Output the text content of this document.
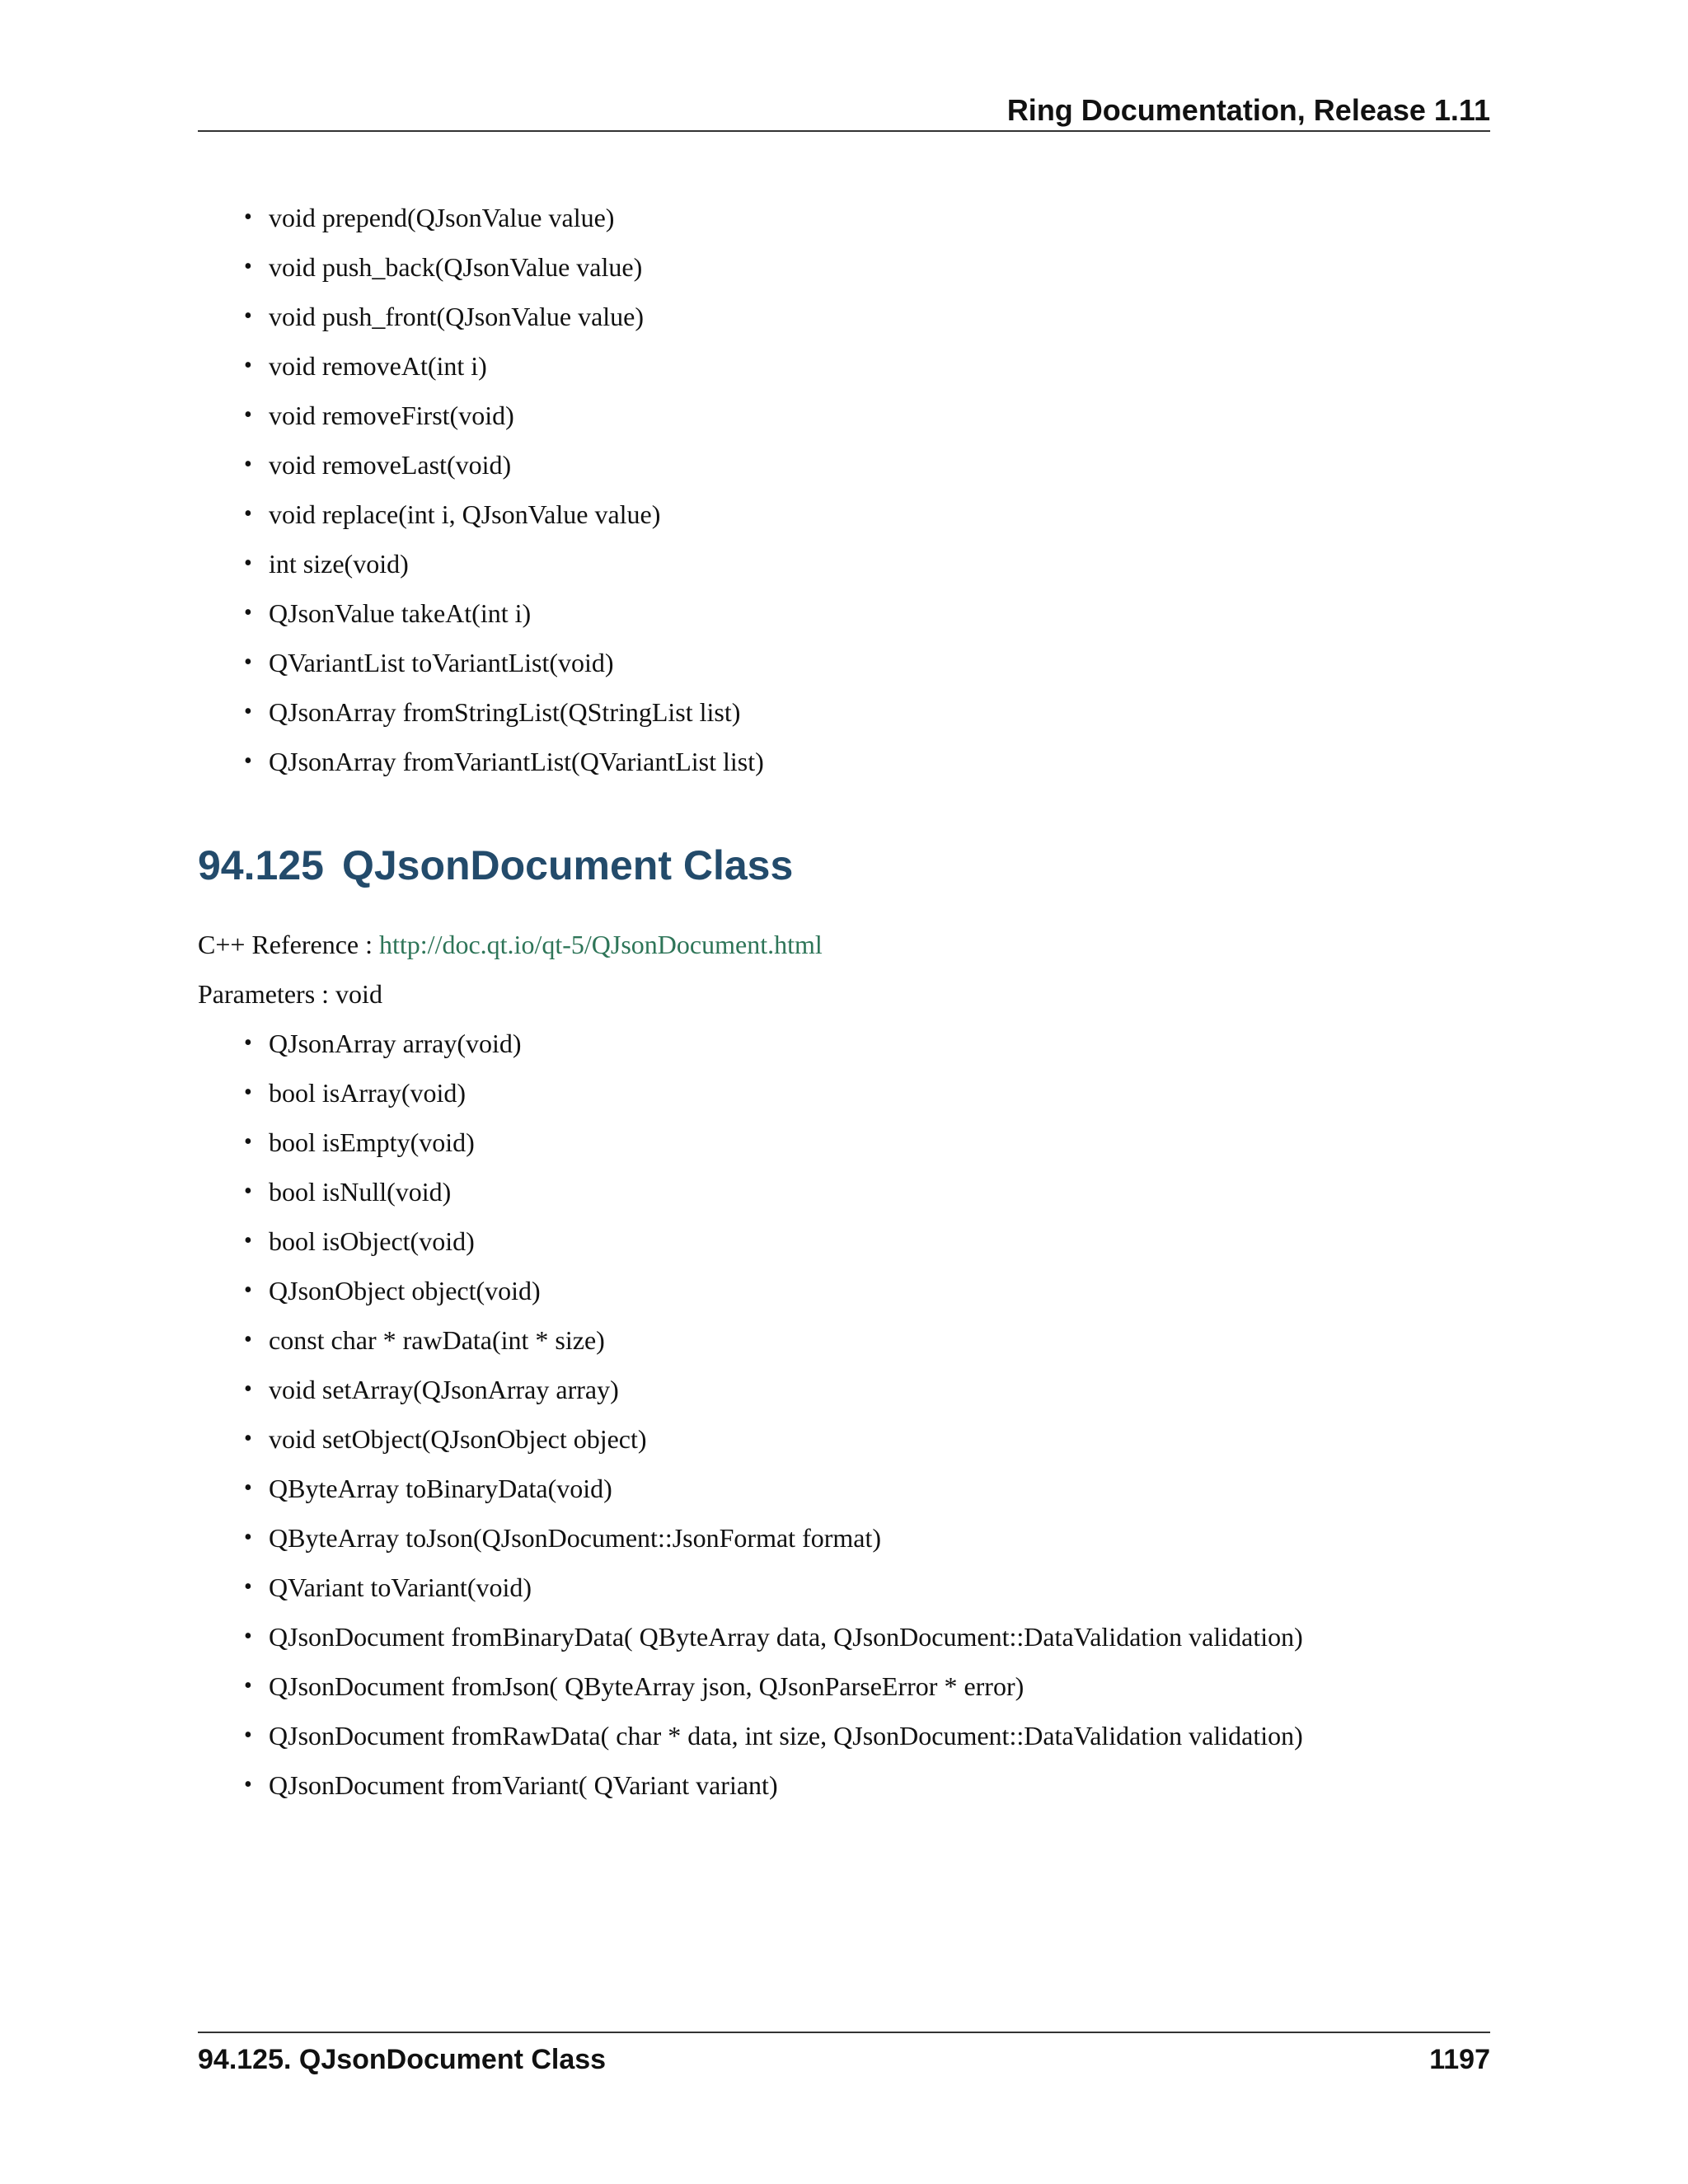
Ring Documentation, Release 1.11
• void prepend(QJsonValue value)
• void push_back(QJsonValue value)
• void push_front(QJsonValue value)
• void removeAt(int i)
• void removeFirst(void)
• void removeLast(void)
• void replace(int i, QJsonValue value)
• int size(void)
• QJsonValue takeAt(int i)
• QVariantList toVariantList(void)
• QJsonArray fromStringList(QStringList list)
• QJsonArray fromVariantList(QVariantList list)
94.125 QJsonDocument Class
C++ Reference : http://doc.qt.io/qt-5/QJsonDocument.html
Parameters : void
• QJsonArray array(void)
• bool isArray(void)
• bool isEmpty(void)
• bool isNull(void)
• bool isObject(void)
• QJsonObject object(void)
• const char * rawData(int * size)
• void setArray(QJsonArray array)
• void setObject(QJsonObject object)
• QByteArray toBinaryData(void)
• QByteArray toJson(QJsonDocument::JsonFormat format)
• QVariant toVariant(void)
• QJsonDocument fromBinaryData( QByteArray data, QJsonDocument::DataValidation validation)
• QJsonDocument fromJson( QByteArray json, QJsonParseError * error)
• QJsonDocument fromRawData( char * data, int size, QJsonDocument::DataValidation validation)
• QJsonDocument fromVariant( QVariant variant)
94.125. QJsonDocument Class	1197
